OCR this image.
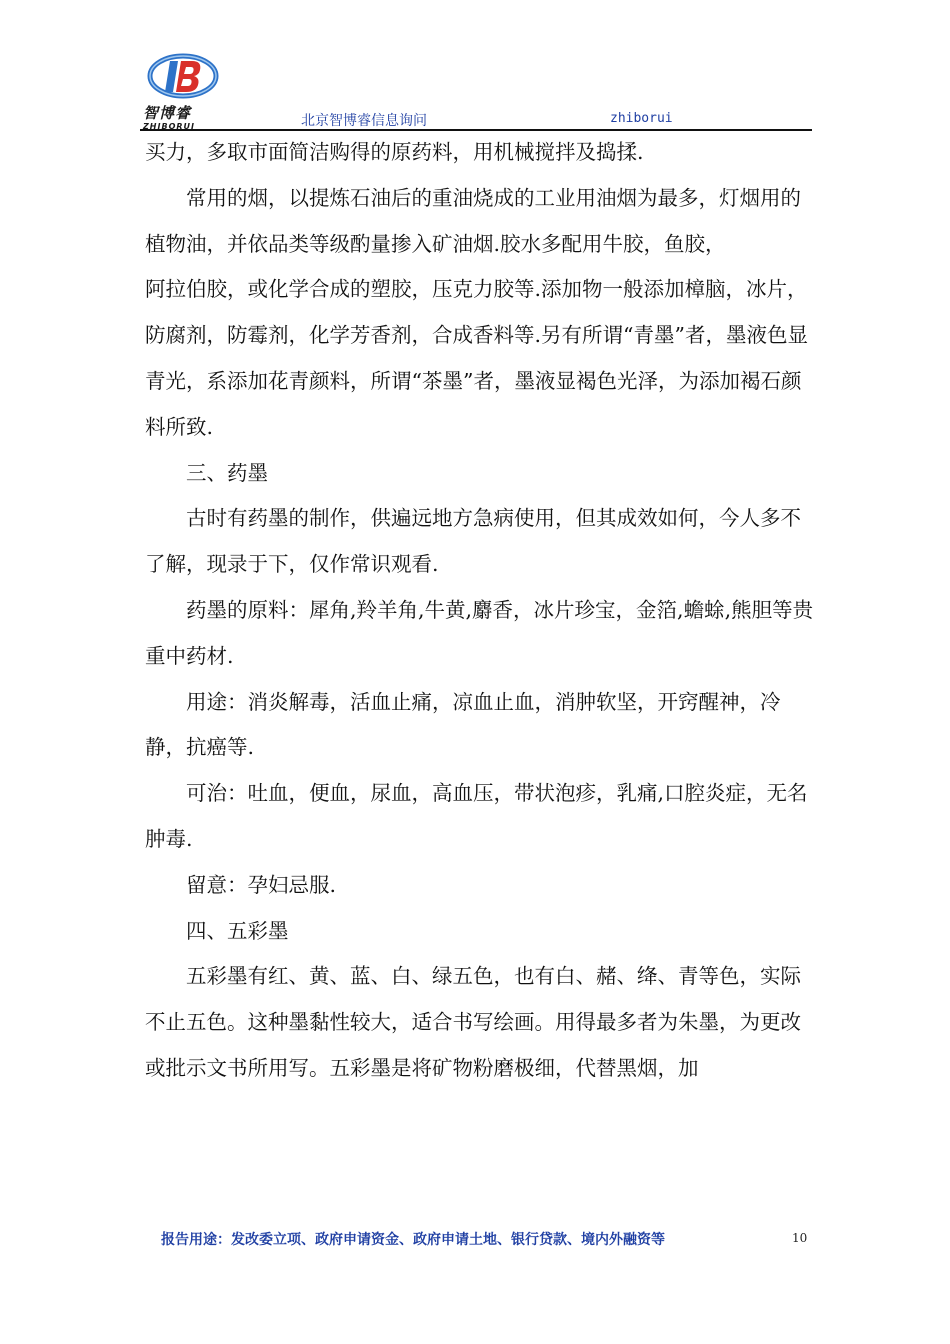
智博睿
ZHIBORUI	北京智博睿信息询问	zhiborui

买力，多取市面简洁购得的原药料，用机械搅拌及捣揉.

常用的烟，以提炼石油后的重油烧成的工业用油烟为最多，灯烟用的植物油，并依品类等级酌量掺入矿油烟.胶水多配用牛胶，鱼胶，

阿拉伯胶，或化学合成的塑胶，压克力胶等.添加物一般添加樟脑，冰片，防腐剂，防霉剂，化学芳香剂，合成香料等.另有所谓“青墨”者，墨液色显青光，系添加花青颜料，所谓“茶墨”者，墨液显褐色光泽，为添加褐石颜料所致.

三、药墨

古时有药墨的制作，供遍远地方急病使用，但其成效如何，今人多不了解，现录于下，仅作常识观看.

药墨的原料：犀角,羚羊角,牛黄,麝香，冰片珍宝，金箔,蟾蜍,熊胆等贵重中药材.

用途：消炎解毒，活血止痛，凉血止血，消肿软坚，开窍醒神，冷静，抗癌等.

可治：吐血，便血，尿血，高血压，带状泡疹，乳痛,口腔炎症，无名肿毒.

留意：孕妇忌服.

四、五彩墨

五彩墨有红、黄、蓝、白、绿五色，也有白、赭、绛、青等色，实际不止五色。这种墨黏性较大，适合书写绘画。用得最多者为朱墨，为更改或批示文书所用写。五彩墨是将矿物粉磨极细，代替黑烟，加

报告用途：发改委立项、政府申请资金、政府申请土地、银行贷款、境内外融资等	10
